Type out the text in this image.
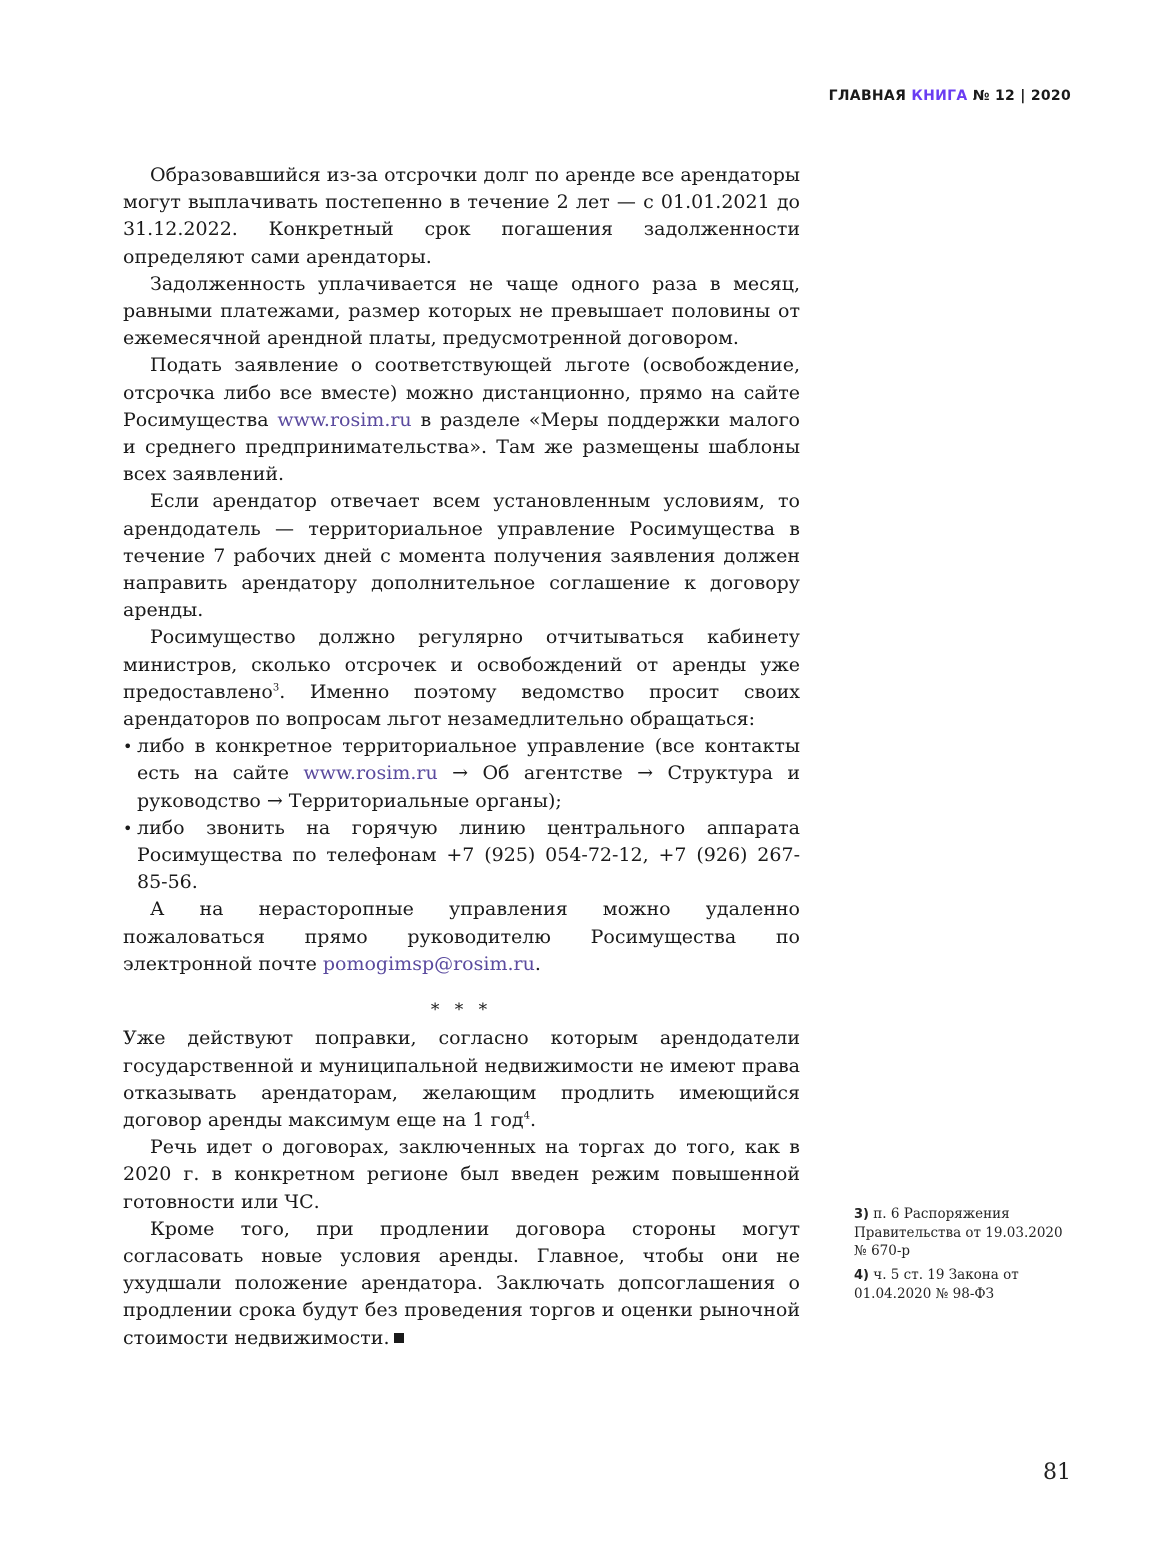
ГЛАВНАЯ КНИГА № 12 | 2020

Образовавшийся из-за отсрочки долг по аренде все арендаторы могут выплачивать постепенно в течение 2 лет — с 01.01.2021 до 31.12.2022. Конкретный срок погашения задолженности определяют сами арендаторы.

Задолженность уплачивается не чаще одного раза в месяц, равными платежами, размер которых не превышает половины от ежемесячной арендной платы, предусмотренной договором.

Подать заявление о соответствующей льготе (освобождение, отсрочка либо все вместе) можно дистанционно, прямо на сайте Росимущества www.rosim.ru в разделе «Меры поддержки малого и среднего предпринимательства». Там же размещены шаблоны всех заявлений.

Если арендатор отвечает всем установленным условиям, то арендодатель — территориальное управление Росимущества в течение 7 рабочих дней с момента получения заявления должен направить арендатору дополнительное соглашение к договору аренды.

Росимущество должно регулярно отчитываться кабинету министров, сколько отсрочек и освобождений от аренды уже предоставлено$^3$. Именно поэтому ведомство просит своих арендаторов по вопросам льгот незамедлительно обращаться:

• либо в конкретное территориальное управление (все контакты есть на сайте www.rosim.ru → Об агентстве → Структура и руководство → Территориальные органы);
• либо звонить на горячую линию центрального аппарата Росимущества по телефонам +7 (925) 054-72-12, +7 (926) 267-85-56.

А на нерасторопные управления можно удаленно пожаловаться прямо руководителю Росимущества по электронной почте pomogimsp@rosim.ru.

* * *

Уже действуют поправки, согласно которым арендодатели государственной и муниципальной недвижимости не имеют права отказывать арендаторам, желающим продлить имеющийся договор аренды максимум еще на 1 год$^4$.

Речь идет о договорах, заключенных на торгах до того, как в 2020 г. в конкретном регионе был введен режим повышенной готовности или ЧС.

Кроме того, при продлении договора стороны могут согласовать новые условия аренды. Главное, чтобы они не ухудшали положение арендатора. Заключать допсоглашения о продлении срока будут без проведения торгов и оценки рыночной стоимости недвижимости.

3) п. 6 Распоряжения Правительства от 19.03.2020 № 670-р
4) ч. 5 ст. 19 Закона от 01.04.2020 № 98-ФЗ
81
